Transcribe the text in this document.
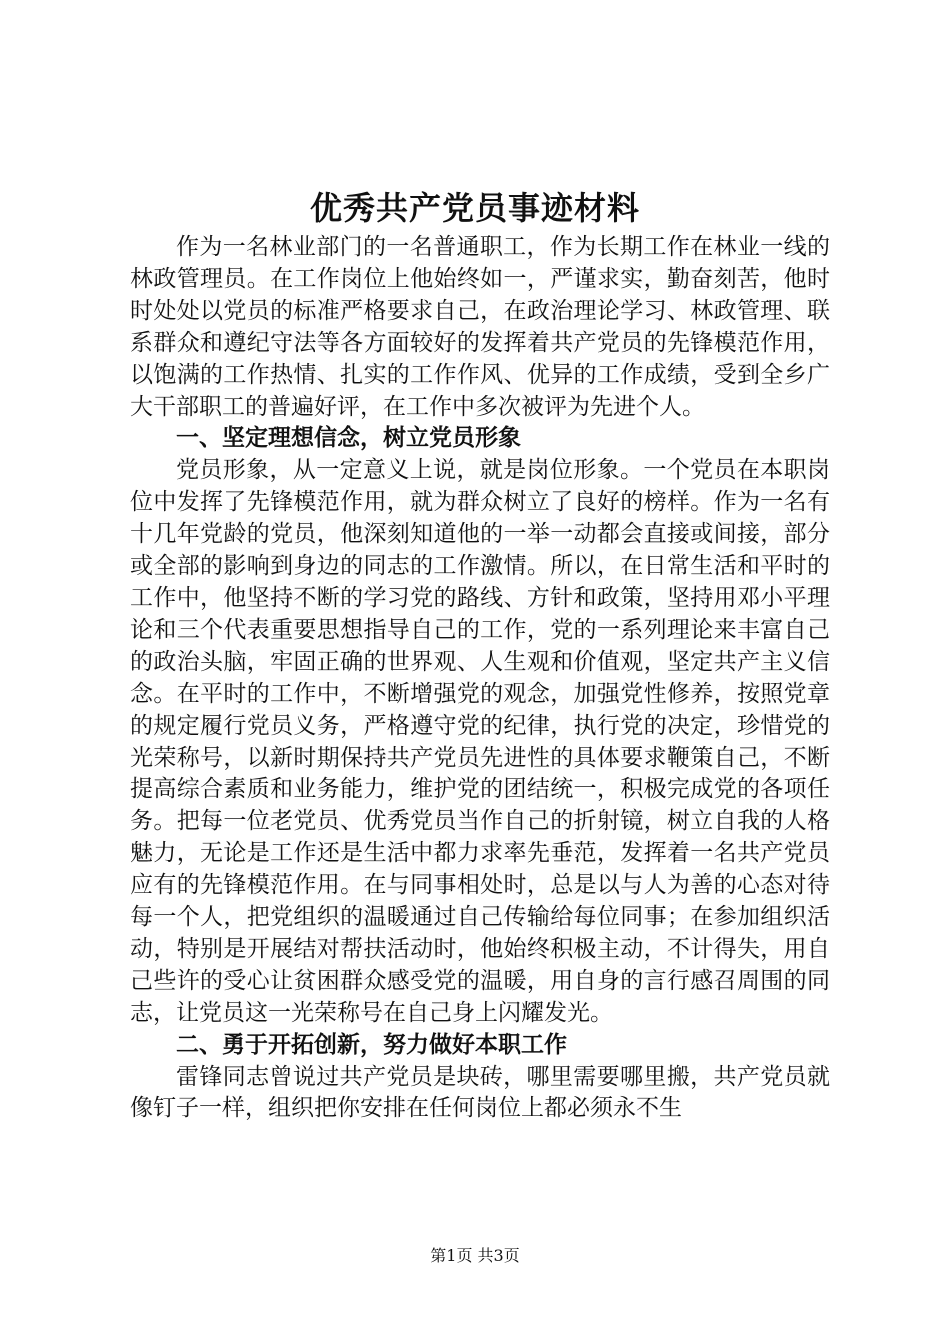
优秀共产党员事迹材料

作为一名林业部门的一名普通职工，作为长期工作在林业一线的林政管理员。在工作岗位上他始终如一，严谨求实，勤奋刻苦，他时时处处以党员的标准严格要求自己，在政治理论学习、林政管理、联系群众和遵纪守法等各方面较好的发挥着共产党员的先锋模范作用，以饱满的工作热情、扎实的工作作风、优异的工作成绩，受到全乡广大干部职工的普遍好评，在工作中多次被评为先进个人。

一、坚定理想信念，树立党员形象

党员形象，从一定意义上说，就是岗位形象。一个党员在本职岗位中发挥了先锋模范作用，就为群众树立了良好的榜样。作为一名有十几年党龄的党员，他深刻知道他的一举一动都会直接或间接，部分或全部的影响到身边的同志的工作激情。所以，在日常生活和平时的工作中，他坚持不断的学习党的路线、方针和政策，坚持用邓小平理论和三个代表重要思想指导自己的工作，党的一系列理论来丰富自己的政治头脑，牢固正确的世界观、人生观和价值观，坚定共产主义信念。在平时的工作中，不断增强党的观念，加强党性修养，按照党章的规定履行党员义务，严格遵守党的纪律，执行党的决定，珍惜党的光荣称号，以新时期保持共产党员先进性的具体要求鞭策自己，不断提高综合素质和业务能力，维护党的团结统一，积极完成党的各项任务。把每一位老党员、优秀党员当作自己的折射镜，树立自我的人格魅力，无论是工作还是生活中都力求率先垂范，发挥着一名共产党员应有的先锋模范作用。在与同事相处时，总是以与人为善的心态对待每一个人，把党组织的温暖通过自己传输给每位同事；在参加组织活动，特别是开展结对帮扶活动时，他始终积极主动，不计得失，用自己些许的受心让贫困群众感受党的温暖，用自身的言行感召周围的同志，让党员这一光荣称号在自己身上闪耀发光。

二、勇于开拓创新，努力做好本职工作

雷锋同志曾说过共产党员是块砖，哪里需要哪里搬，共产党员就像钉子一样，组织把你安排在任何岗位上都必须永不生

第1页 共3页
